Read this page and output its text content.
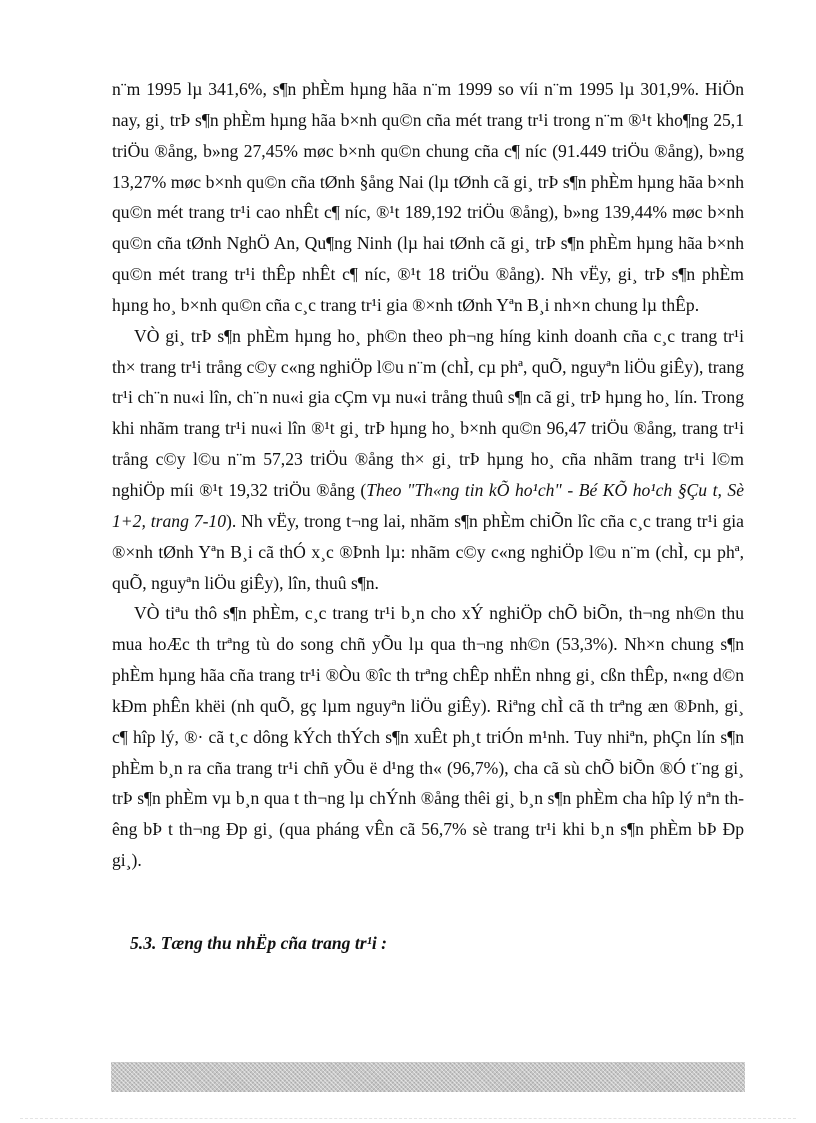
n¨m 1995 lµ 341,6%, s¶n phÈm hµng hãa n¨m 1999 so víi n¨m 1995 lµ 301,9%. HiÖn nay, gi¸ trÞ s¶n phÈm hµng hãa b×nh qu©n cña mét trang tr¹i trong n¨m ®¹t kho¶ng 25,1 triÖu ®ång, b»ng 27,45% møc b×nh qu©n chung cña c¶ níc (91.449 triÖu ®ång), b»ng 13,27% møc b×nh qu©n cña tØnh §ång Nai (lµ tØnh cã gi¸ trÞ s¶n phÈm hµng hãa b×nh qu©n mét trang tr¹i cao nhÊt c¶ níc, ®¹t 189,192 triÖu ®ång), b»ng 139,44% møc b×nh qu©n cña tØnh NghÖ An, Qu¶ng Ninh (lµ hai tØnh cã gi¸ trÞ s¶n phÈm hµng hãa b×nh qu©n mét trang tr¹i thÊp nhÊt c¶ níc, ®¹t 18 triÖu ®ång). Nh vËy, gi¸ trÞ s¶n phÈm hµng ho¸ b×nh qu©n cña c¸c trang tr¹i gia ®×nh tØnh Yªn B¸i nh×n chung lµ thÊp.

VÒ gi¸ trÞ s¶n phÈm hµng ho¸ ph©n theo ph¬ng híng kinh doanh cña c¸c trang tr¹i th× trang tr¹i trång c©y c«ng nghiÖp l©u n¨m (chÌ, cµ phª, quÕ, nguyªn liÖu giÊy), trang tr¹i ch¨n nu«i lîn, ch¨n nu«i gia cÇm vµ nu«i trång thuû s¶n cã gi¸ trÞ hµng ho¸ lín. Trong khi nhãm trang tr¹i nu«i lîn ®¹t gi¸ trÞ hµng ho¸ b×nh qu©n 96,47 triÖu ®ång, trang tr¹i trång c©y l©u n¨m 57,23 triÖu ®ång th× gi¸ trÞ hµng ho¸ cña nhãm trang tr¹i l©m nghiÖp míi ®¹t 19,32 triÖu ®ång (Theo "Th«ng tin kÕ ho¹ch" - Bé KÕ ho¹ch §Çu t, Sè 1+2, trang 7-10). Nh vËy, trong t¬ng lai, nhãm s¶n phÈm chiÕn lîc cña c¸c trang tr¹i gia ®×nh tØnh Yªn B¸i cã thÓ x¸c ®Þnh lµ: nhãm c©y c«ng nghiÖp l©u n¨m (chÌ, cµ phª, quÕ, nguyªn liÖu giÊy), lîn, thuû s¶n.

VÒ tiªu thô s¶n phÈm, c¸c trang tr¹i b¸n cho xÝ nghiÖp chÕ biÕn, th¬ng nh©n thu mua hoÆc th trªng tù do song chñ yÕu lµ qua th¬ng nh©n (53,3%). Nh×n chung s¶n phÈm hµng hãa cña trang tr¹i ®Òu ®îc th trªng chÊp nhËn nhng gi¸ cßn thÊp, n«ng d©n kÐm phÊn khëi (nh quÕ, gç lµm nguyªn liÖu giÊy). Riªng chÌ cã th trªng æn ®Þnh, gi¸ c¶ hîp lý, ®· cã t¸c dông kÝch thÝch s¶n xuÊt ph¸t triÓn m¹nh. Tuy nhiªn, phÇn lín s¶n phÈm b¸n ra cña trang tr¹i chñ yÕu ë d¹ng th« (96,7%), cha cã sù chÕ biÕn ®Ó t¨ng gi¸ trÞ s¶n phÈm vµ b¸n qua t th¬ng lµ chÝnh ®ång thêi gi¸ b¸n s¶n phÈm cha hîp lý nªn thêng bÞ t th¬ng Ðp gi¸ (qua pháng vÊn cã 56,7% sè trang tr¹i khi b¸n s¶n phÈm bÞ Ðp gi¸).

5.3. Tæng thu nhËp cña trang tr¹i :
